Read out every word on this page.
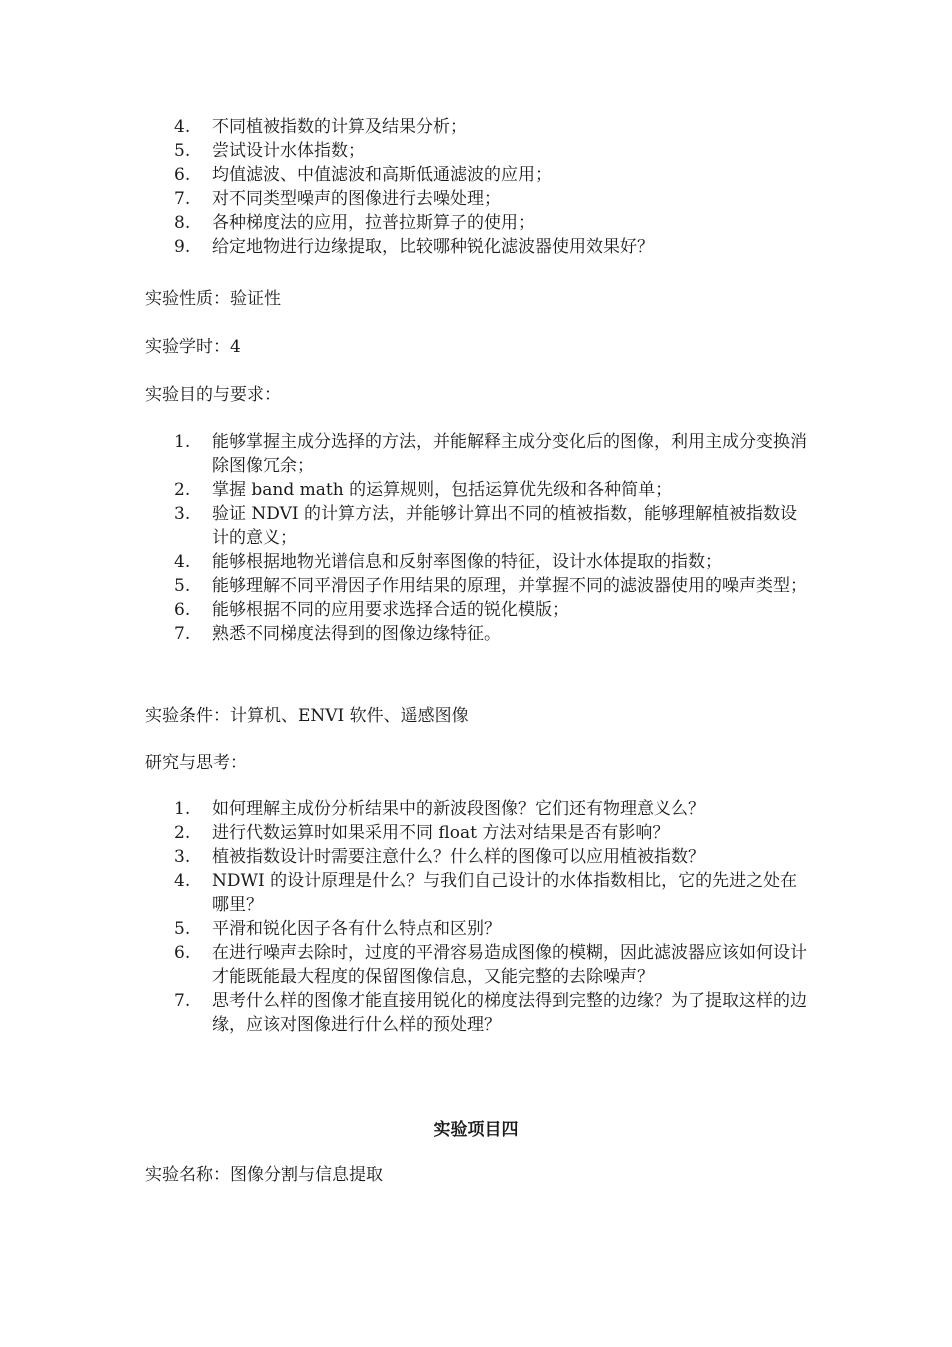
4.	不同植被指数的计算及结果分析；
5.	尝试设计水体指数；
6.	均值滤波、中值滤波和高斯低通滤波的应用；
7.	对不同类型噪声的图像进行去噪处理；
8.	各种梯度法的应用，拉普拉斯算子的使用；
9.	给定地物进行边缘提取，比较哪种锐化滤波器使用效果好？

实验性质：验证性

实验学时：4

实验目的与要求：

1.	能够掌握主成分选择的方法，并能解释主成分变化后的图像，利用主成分变换消除图像冗余；
2.	掌握 band math 的运算规则，包括运算优先级和各种简单；
3.	验证 NDVI 的计算方法，并能够计算出不同的植被指数，能够理解植被指数设计的意义；
4.	能够根据地物光谱信息和反射率图像的特征，设计水体提取的指数；
5.	能够理解不同平滑因子作用结果的原理，并掌握不同的滤波器使用的噪声类型；
6.	能够根据不同的应用要求选择合适的锐化模版；
7.	熟悉不同梯度法得到的图像边缘特征。

实验条件：计算机、ENVI 软件、遥感图像

研究与思考：

1.	如何理解主成份分析结果中的新波段图像？它们还有物理意义么？
2.	进行代数运算时如果采用不同 float 方法对结果是否有影响？
3.	植被指数设计时需要注意什么？什么样的图像可以应用植被指数？
4.	NDWI 的设计原理是什么？与我们自己设计的水体指数相比，它的先进之处在哪里？
5.	平滑和锐化因子各有什么特点和区别？
6.	在进行噪声去除时，过度的平滑容易造成图像的模糊，因此滤波器应该如何设计才能既能最大程度的保留图像信息，又能完整的去除噪声？
7.	思考什么样的图像才能直接用锐化的梯度法得到完整的边缘？为了提取这样的边缘，应该对图像进行什么样的预处理？

实验项目四

实验名称：图像分割与信息提取
